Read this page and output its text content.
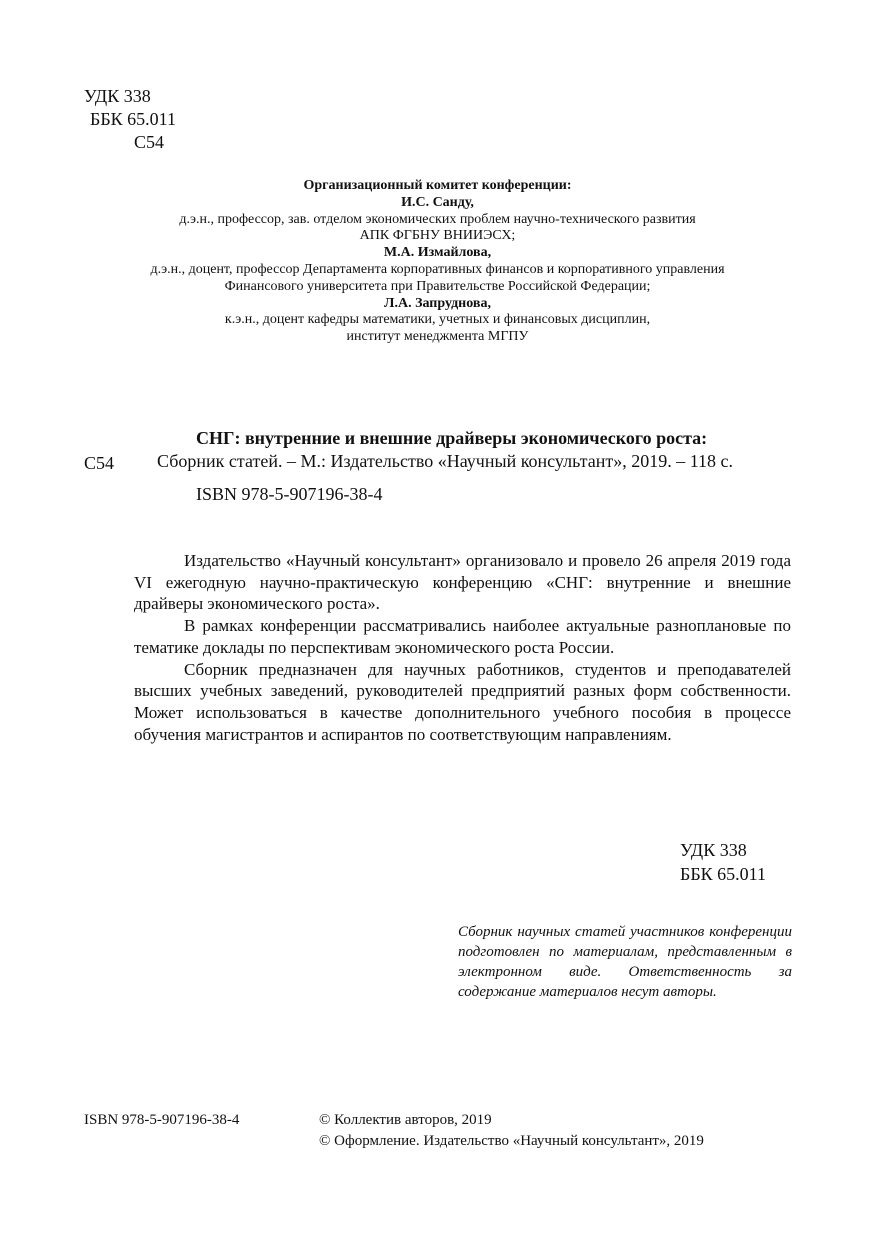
УДК 338
ББК 65.011
С54
Организационный комитет конференции:
И.С. Санду,
д.э.н., профессор, зав. отделом экономических проблем научно-технического развития
АПК ФГБНУ ВНИИЭСХ;
М.А. Измайлова,
д.э.н., доцент, профессор Департамента корпоративных финансов и корпоративного управления
Финансового университета при Правительстве Российской Федерации;
Л.А. Запруднова,
к.э.н., доцент кафедры математики, учетных и финансовых дисциплин,
институт менеджмента МГПУ
СНГ: внутренние и внешние драйверы экономического роста:
С54	Сборник статей. – М.: Издательство «Научный консультант», 2019. – 118 с.
ISBN 978-5-907196-38-4

Издательство «Научный консультант» организовало и провело 26 апреля 2019 года VI ежегодную научно-практическую конференцию «СНГ: внутренние и внешние драйверы экономического роста».

В рамках конференции рассматривались наиболее актуальные разноплановые по тематике доклады по перспективам экономического роста России.

Сборник предназначен для научных работников, студентов и преподавателей высших учебных заведений, руководителей предприятий разных форм собственности. Может использоваться в качестве дополнительного учебного пособия в процессе обучения магистрантов и аспирантов по соответствующим направлениям.

УДК 338
ББК 65.011
Сборник научных статей участников конференции подготовлен по материалам, представленным в электронном виде. Ответственность за содержание материалов несут авторы.
ISBN 978-5-907196-38-4	© Коллектив авторов, 2019
© Оформление. Издательство «Научный консультант», 2019
